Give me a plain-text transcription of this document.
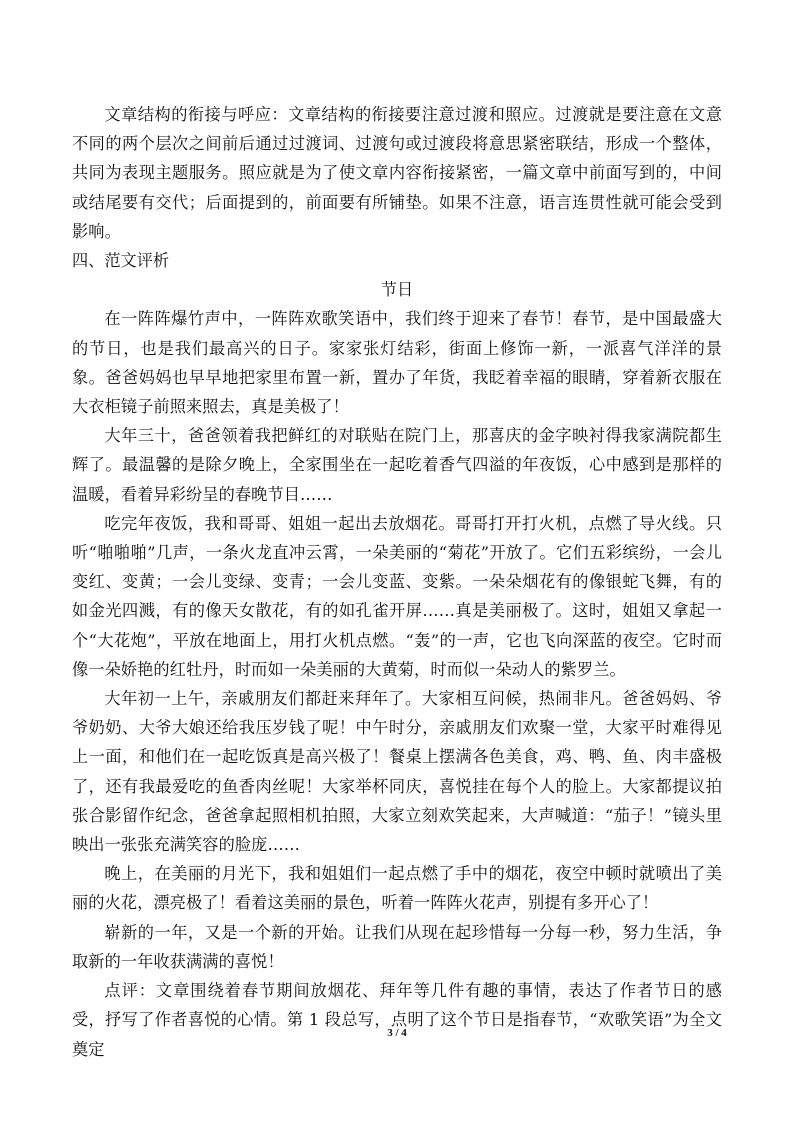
文章结构的衔接与呼应：文章结构的衔接要注意过渡和照应。过渡就是要注意在文意不同的两个层次之间前后通过过渡词、过渡句或过渡段将意思紧密联结，形成一个整体，共同为表现主题服务。照应就是为了使文章内容衔接紧密，一篇文章中前面写到的，中间或结尾要有交代；后面提到的，前面要有所铺垫。如果不注意，语言连贯性就可能会受到影响。

四、范文评析

节日

在一阵阵爆竹声中，一阵阵欢歌笑语中，我们终于迎来了春节！春节，是中国最盛大的节日，也是我们最高兴的日子。家家张灯结彩，街面上修饰一新，一派喜气洋洋的景象。爸爸妈妈也早早地把家里布置一新，置办了年货，我眨着幸福的眼睛，穿着新衣服在大衣柜镜子前照来照去，真是美极了！

大年三十，爸爸领着我把鲜红的对联贴在院门上，那喜庆的金字映衬得我家满院都生辉了。最温馨的是除夕晚上，全家围坐在一起吃着香气四溢的年夜饭，心中感到是那样的温暖，看着异彩纷呈的春晚节目……

吃完年夜饭，我和哥哥、姐姐一起出去放烟花。哥哥打开打火机，点燃了导火线。只听“啪啪啪”几声，一条火龙直冲云霄，一朵美丽的“菊花”开放了。它们五彩缤纷，一会儿变红、变黄；一会儿变绿、变青；一会儿变蓝、变紫。一朵朵烟花有的像银蛇飞舞，有的如金光四溅，有的像天女散花，有的如孔雀开屏……真是美丽极了。这时，姐姐又拿起一个“大花炮”，平放在地面上，用打火机点燃。“轰”的一声，它也飞向深蓝的夜空。它时而像一朵娇艳的红牡丹，时而如一朵美丽的大黄菊，时而似一朵动人的紫罗兰。

大年初一上午，亲戚朋友们都赶来拜年了。大家相互问候，热闹非凡。爸爸妈妈、爷爷奶奶、大爷大娘还给我压岁钱了呢！中午时分，亲戚朋友们欢聚一堂，大家平时难得见上一面，和他们在一起吃饭真是高兴极了！餐桌上摆满各色美食，鸡、鸭、鱼、肉丰盛极了，还有我最爱吃的鱼香肉丝呢！大家举杯同庆，喜悦挂在每个人的脸上。大家都提议拍张合影留作纪念，爸爸拿起照相机拍照，大家立刻欢笑起来，大声喊道：“茄子！”镜头里映出一张张充满笑容的脸庞……

晚上，在美丽的月光下，我和姐姐们一起点燃了手中的烟花，夜空中顿时就喷出了美丽的火花，漂亮极了！看着这美丽的景色，听着一阵阵火花声，别提有多开心了！

崭新的一年，又是一个新的开始。让我们从现在起珍惜每一分每一秒，努力生活，争取新的一年收获满满的喜悦！

点评：文章围绕着春节期间放烟花、拜年等几件有趣的事情，表达了作者节日的感受，抒写了作者喜悦的心情。第 1 段总写，点明了这个节日是指春节，“欢歌笑语”为全文奠定

3 / 4
